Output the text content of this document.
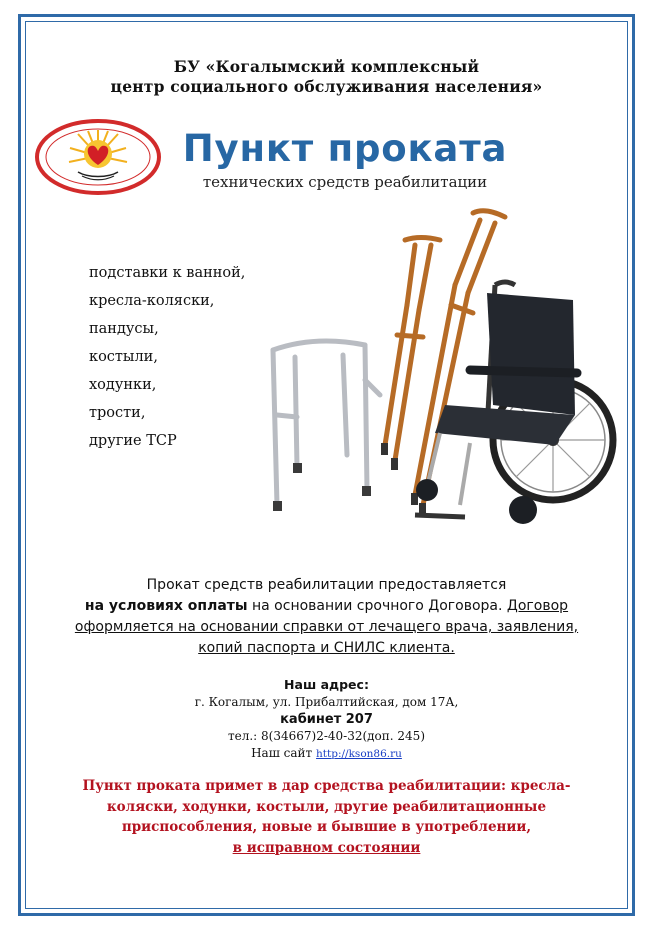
БУ «Когалымский комплексный
центр социального обслуживания населения»
Пункт проката
технических средств реабилитации
подставки к ванной,
кресла-коляски,
пандусы,
костыли,
ходунки,
трости,
другие ТСР
Прокат средств реабилитации предоставляется
на условиях оплаты на основании срочного Договора. Договор
оформляется на основании справки от лечащего врача, заявления,
копий паспорта и СНИЛС клиента.
Наш адрес:
г. Когалым, ул. Прибалтийская, дом 17А,
кабинет 207
тел.: 8(34667)2-40-32(доп. 245)
Наш сайт http://kson86.ru
Пункт проката примет в дар средства реабилитации: кресла-
коляски, ходунки, костыли, другие реабилитационные
приспособления, новые и бывшие в употреблении,
в исправном состоянии
